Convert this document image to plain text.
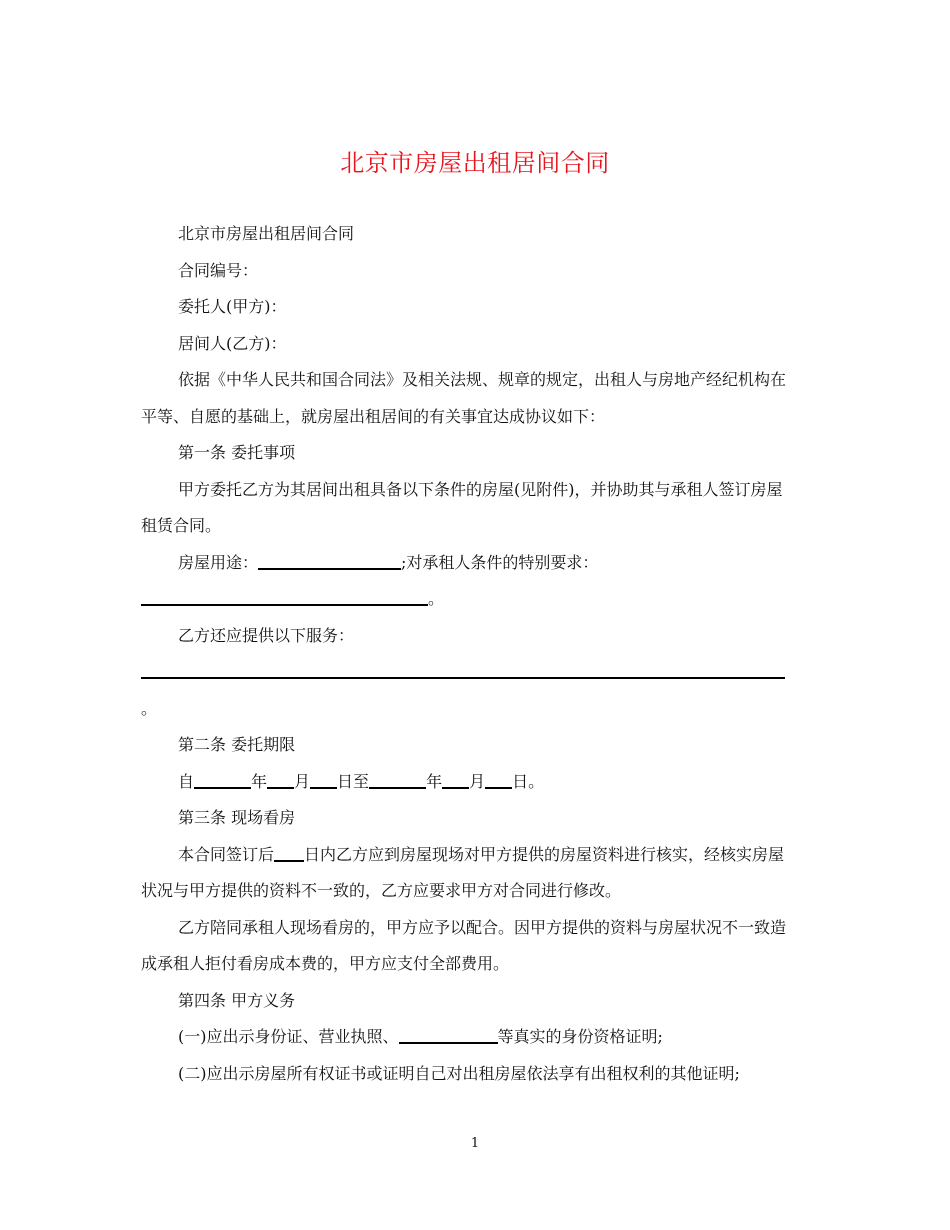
北京市房屋出租居间合同

北京市房屋出租居间合同

合同编号：

委托人(甲方)：

居间人(乙方)：

依据《中华人民共和国合同法》及相关法规、规章的规定，出租人与房地产经纪机构在平等、自愿的基础上，就房屋出租居间的有关事宜达成协议如下：

第一条 委托事项

甲方委托乙方为其居间出租具备以下条件的房屋(见附件)，并协助其与承租人签订房屋租赁合同。

房屋用途：	;对承租人条件的特别要求：

。

乙方还应提供以下服务：

。

第二条 委托期限

自	年 月 日至	年 月 日。

第三条 现场看房

本合同签订后 日内乙方应到房屋现场对甲方提供的房屋资料进行核实，经核实房屋状况与甲方提供的资料不一致的，乙方应要求甲方对合同进行修改。

乙方陪同承租人现场看房的，甲方应予以配合。因甲方提供的资料与房屋状况不一致造成承租人拒付看房成本费的，甲方应支付全部费用。

第四条 甲方义务

(一)应出示身份证、营业执照、	等真实的身份资格证明;

(二)应出示房屋所有权证书或证明自己对出租房屋依法享有出租权利的其他证明;

1
